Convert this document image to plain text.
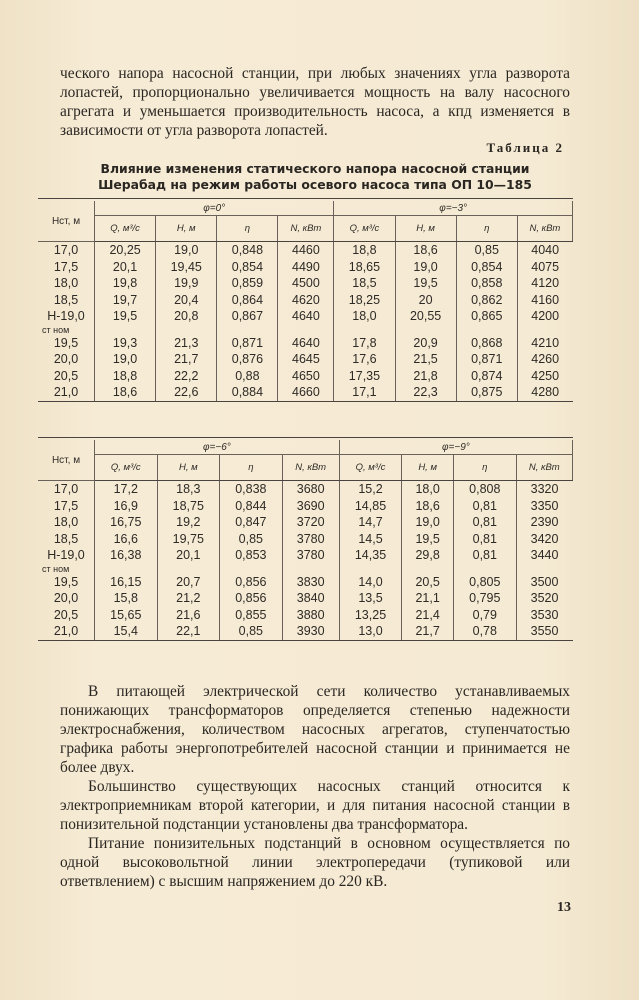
ческого напора насосной станции, при любых значениях угла разворота лопастей, пропорционально увеличивается мощность на валу насосного агрегата и уменьшается производительность насоса, а кпд изменяется в зависимости от угла разворота лопастей.

Таблица 2
Влияние изменения статического напора насосной станции
Шерабад на режим работы осевого насоса типа ОП 10—185

Hст, м	φ=0°				φ=−3°			
	Q, м³/с	H, м	η	N, кВт	Q, м³/с	H, м	η	N, кВт
17,0	20,25	19,0	0,848	4460	18,8	18,6	0,85	4040
17,5	20,1	19,45	0,854	4490	18,65	19,0	0,854	4075
18,0	19,8	19,9	0,859	4500	18,5	19,5	0,858	4120
18,5	19,7	20,4	0,864	4620	18,25	20	0,862	4160
H-19,0	19,5	20,8	0,867	4640	18,0	20,55	0,865	4200
ст ном								
19,5	19,3	21,3	0,871	4640	17,8	20,9	0,868	4210
20,0	19,0	21,7	0,876	4645	17,6	21,5	0,871	4260
20,5	18,8	22,2	0,88	4650	17,35	21,8	0,874	4250
21,0	18,6	22,6	0,884	4660	17,1	22,3	0,875	4280

Hст, м	φ=−6°				φ=−9°			
	Q, м³/с	H, м	η	N, кВт	Q, м³/с	H, м	η	N, кВт
17,0	17,2	18,3	0,838	3680	15,2	18,0	0,808	3320
17,5	16,9	18,75	0,844	3690	14,85	18,6	0,81	3350
18,0	16,75	19,2	0,847	3720	14,7	19,0	0,81	2390
18,5	16,6	19,75	0,85	3780	14,5	19,5	0,81	3420
H-19,0	16,38	20,1	0,853	3780	14,35	29,8	0,81	3440
ст ном								
19,5	16,15	20,7	0,856	3830	14,0	20,5	0,805	3500
20,0	15,8	21,2	0,856	3840	13,5	21,1	0,795	3520
20,5	15,65	21,6	0,855	3880	13,25	21,4	0,79	3530
21,0	15,4	22,1	0,85	3930	13,0	21,7	0,78	3550

В питающей электрической сети количество устанавливаемых понижающих трансформаторов определяется степенью надежности электроснабжения, количеством насосных агрегатов, ступенчатостью графика работы энергопотребителей насосной станции и принимается не более двух.

Большинство существующих насосных станций относится к электроприемникам второй категории, и для питания насосной станции в понизительной подстанции установлены два трансформатора.

Питание понизительных подстанций в основном осуществляется по одной высоковольтной линии электропередачи (тупиковой или ответвлением) с высшим напряжением до 220 кВ.

13
